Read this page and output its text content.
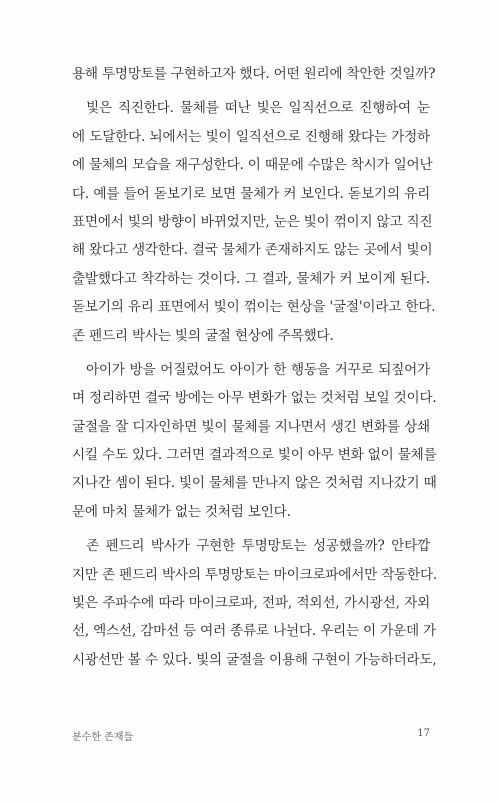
용해 투명망토를 구현하고자 했다. 어떤 원리에 착안한 것일까?
빛은 직진한다. 물체를 떠난 빛은 일직선으로 진행하여 눈
에 도달한다. 뇌에서는 빛이 일직선으로 진행해 왔다는 가정하
에 물체의 모습을 재구성한다. 이 때문에 수많은 착시가 일어난
다. 예를 들어 돋보기로 보면 물체가 커 보인다. 돋보기의 유리
표면에서 빛의 방향이 바뀌었지만, 눈은 빛이 꺾이지 않고 직진
해 왔다고 생각한다. 결국 물체가 존재하지도 않는 곳에서 빛이
출발했다고 착각하는 것이다. 그 결과, 물체가 커 보이게 된다.
돋보기의 유리 표면에서 빛이 꺾이는 현상을 '굴절'이라고 한다.
존 펜드리 박사는 빛의 굴절 현상에 주목했다.
아이가 방을 어질렀어도 아이가 한 행동을 거꾸로 되짚어가
며 정리하면 결국 방에는 아무 변화가 없는 것처럼 보일 것이다.
굴절을 잘 디자인하면 빛이 물체를 지나면서 생긴 변화를 상쇄
시킬 수도 있다. 그러면 결과적으로 빛이 아무 변화 없이 물체를
지나간 셈이 된다. 빛이 물체를 만나지 않은 것처럼 지나갔기 때
문에 마치 물체가 없는 것처럼 보인다.
존 펜드리 박사가 구현한 투명망토는 성공했을까? 안타깝
지만 존 펜드리 박사의 투명망토는 마이크로파에서만 작동한다.
빛은 주파수에 따라 마이크로파, 전파, 적외선, 가시광선, 자외
선, 엑스선, 감마선 등 여러 종류로 나뉜다. 우리는 이 가운데 가
시광선만 볼 수 있다. 빛의 굴절을 이용해 구현이 가능하더라도,
분수한 존재들	17
